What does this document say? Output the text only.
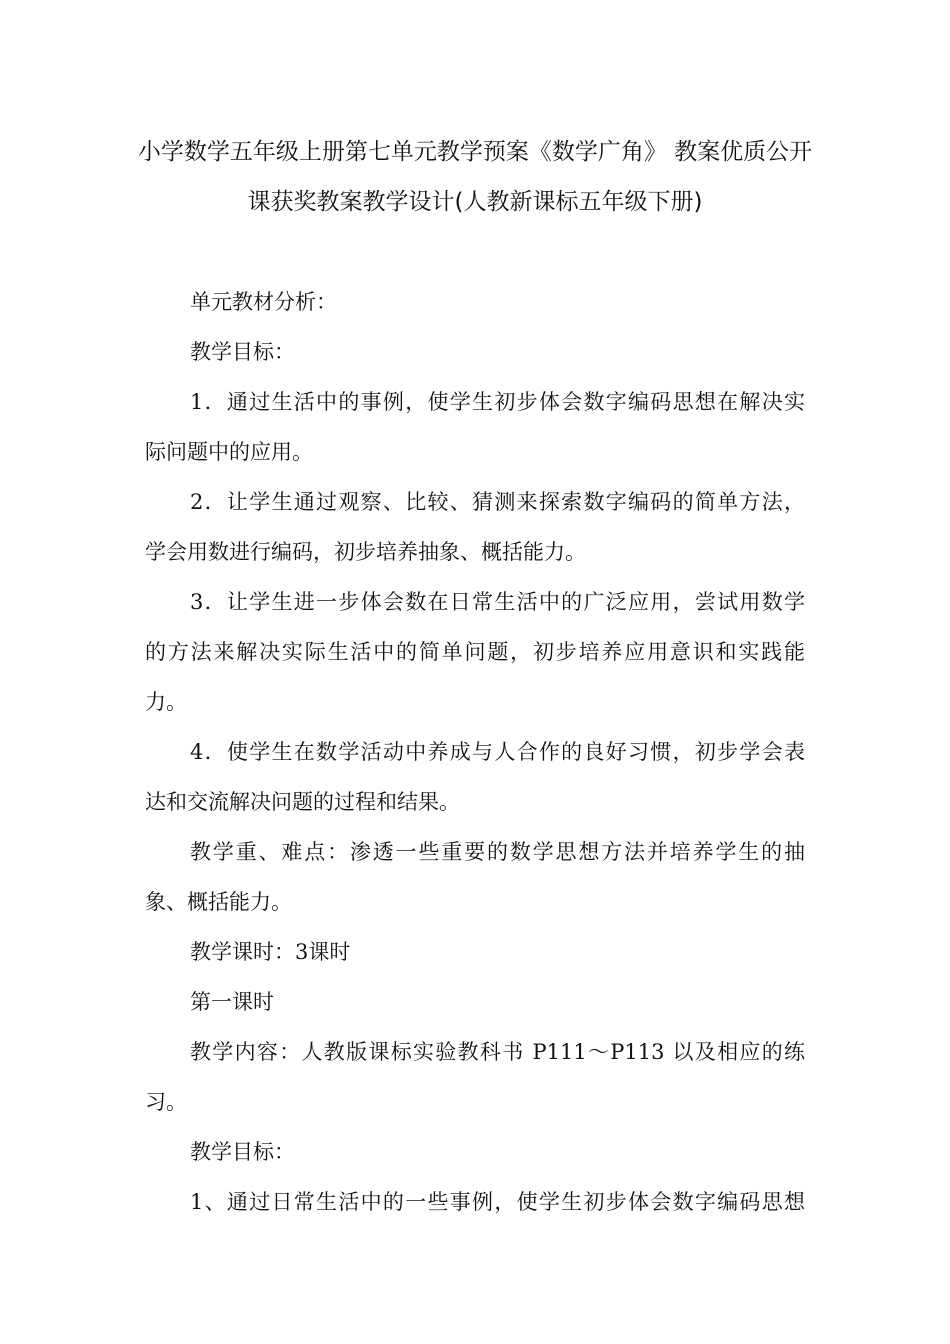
小学数学五年级上册第七单元教学预案《数学广角》 教案优质公开
课获奖教案教学设计(人教新课标五年级下册)

单元教材分析：

教学目标：

1．通过生活中的事例，使学生初步体会数字编码思想在解决实

际问题中的应用。

2．让学生通过观察、比较、猜测来探索数字编码的简单方法，

学会用数进行编码，初步培养抽象、概括能力。

3．让学生进一步体会数在日常生活中的广泛应用，尝试用数学

的方法来解决实际生活中的简单问题，初步培养应用意识和实践能

力。

4．使学生在数学活动中养成与人合作的良好习惯，初步学会表

达和交流解决问题的过程和结果。

教学重、难点：渗透一些重要的数学思想方法并培养学生的抽

象、概括能力。

教学课时：3课时

第一课时

教学内容：人教版课标实验教科书 P111～P113 以及相应的练

习。

教学目标：

1、通过日常生活中的一些事例，使学生初步体会数字编码思想
